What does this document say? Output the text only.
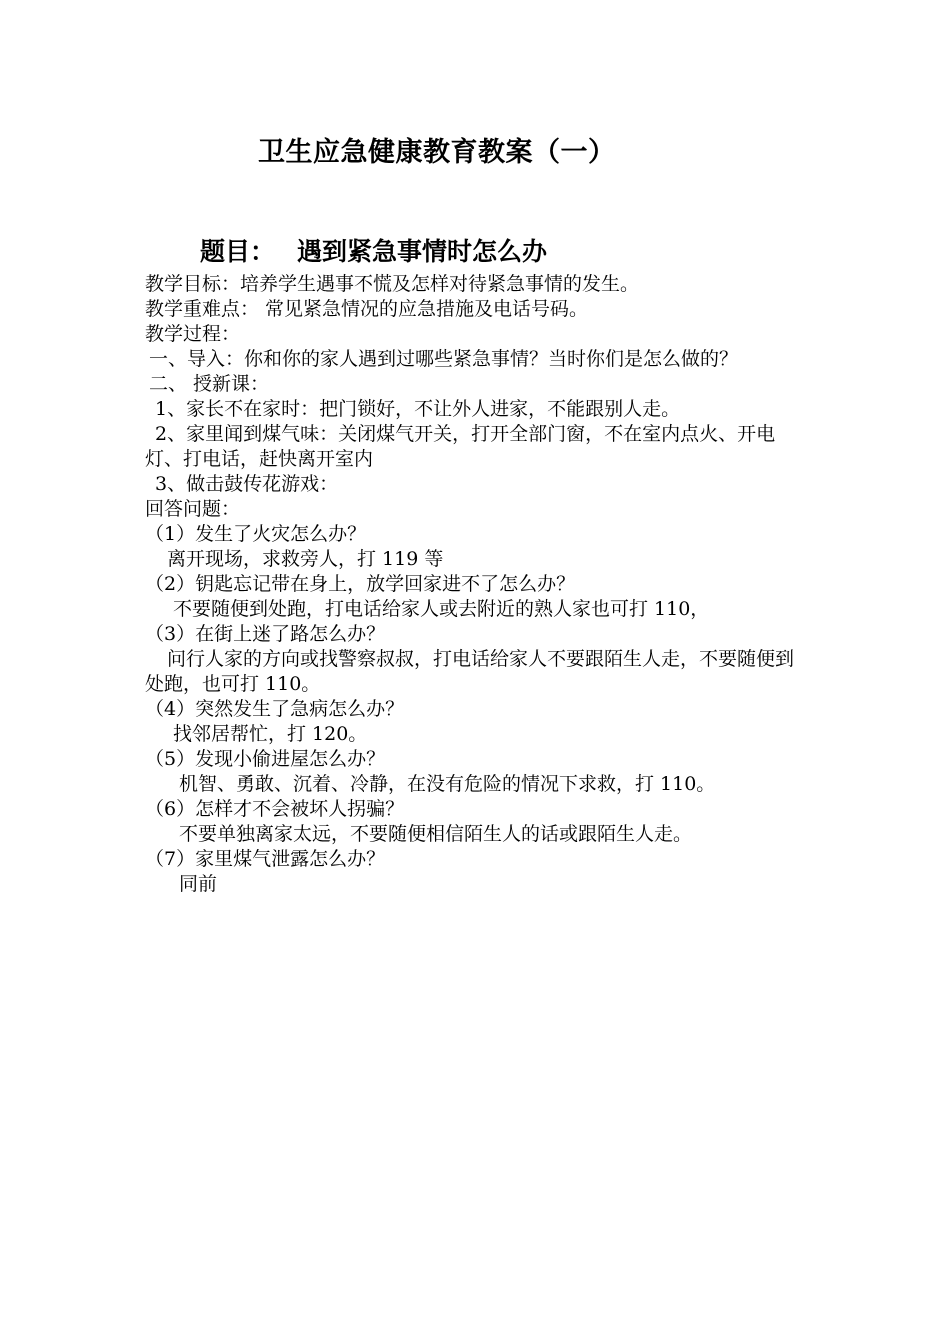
卫生应急健康教育教案（一）
题目： 遇到紧急事情时怎么办
教学目标：培养学生遇事不慌及怎样对待紧急事情的发生。
教学重难点： 常见紧急情况的应急措施及电话号码。
教学过程：
一、导入：你和你的家人遇到过哪些紧急事情？当时你们是怎么做的？
二、 授新课：
1、家长不在家时：把门锁好，不让外人进家，不能跟别人走。
2、家里闻到煤气味：关闭煤气开关，打开全部门窗，不在室内点火、开电灯、打电话，赶快离开室内
3、做击鼓传花游戏：
回答问题：
（1）发生了火灾怎么办？
离开现场，求救旁人，打 119 等
（2）钥匙忘记带在身上，放学回家进不了怎么办？
不要随便到处跑，打电话给家人或去附近的熟人家也可打 110，
（3）在街上迷了路怎么办？
问行人家的方向或找警察叔叔，打电话给家人不要跟陌生人走，不要随便到处跑，也可打 110。
（4）突然发生了急病怎么办？
找邻居帮忙，打 120。
（5）发现小偷进屋怎么办？
机智、勇敢、沉着、冷静，在没有危险的情况下求救，打 110。
（6）怎样才不会被坏人拐骗？
不要单独离家太远，不要随便相信陌生人的话或跟陌生人走。
（7）家里煤气泄露怎么办？
同前
